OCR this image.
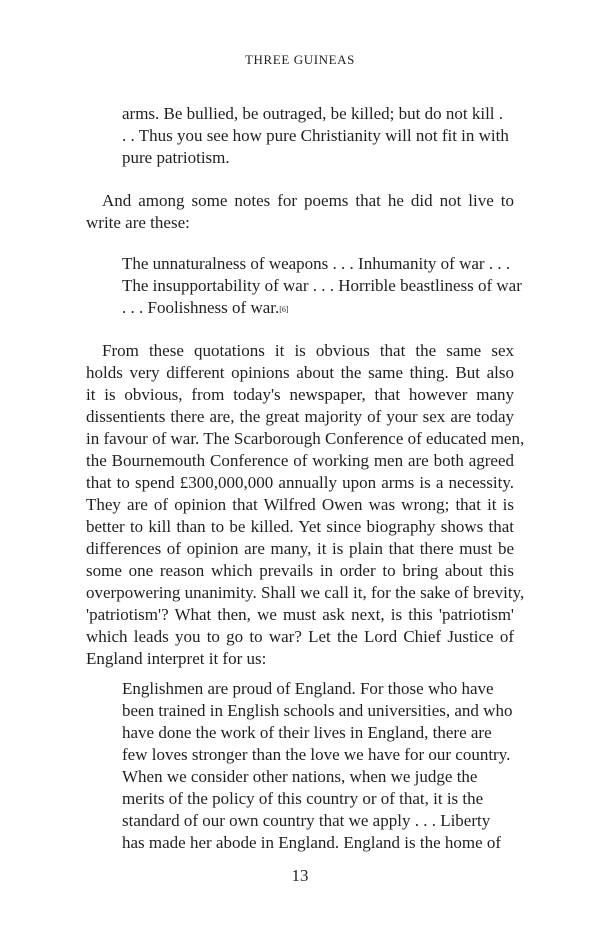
THREE GUINEAS
arms. Be bullied, be outraged, be killed; but do not kill .
. . Thus you see how pure Christianity will not fit in with
pure patriotism.
And among some notes for poems that he did not live to
write are these:
The unnaturalness of weapons . . . Inhumanity of war . . .
The insupportability of war . . . Horrible beastliness of war
. . . Foolishness of war.[6]
From these quotations it is obvious that the same sex
holds very different opinions about the same thing. But also
it is obvious, from today's newspaper, that however many
dissentients there are, the great majority of your sex are today
in favour of war. The Scarborough Conference of educated men,
the Bournemouth Conference of working men are both agreed
that to spend £300,000,000 annually upon arms is a necessity.
They are of opinion that Wilfred Owen was wrong; that it is
better to kill than to be killed. Yet since biography shows that
differences of opinion are many, it is plain that there must be
some one reason which prevails in order to bring about this
overpowering unanimity. Shall we call it, for the sake of brevity,
'patriotism'? What then, we must ask next, is this 'patriotism'
which leads you to go to war? Let the Lord Chief Justice of
England interpret it for us:
Englishmen are proud of England. For those who have
been trained in English schools and universities, and who
have done the work of their lives in England, there are
few loves stronger than the love we have for our country.
When we consider other nations, when we judge the
merits of the policy of this country or of that, it is the
standard of our own country that we apply . . . Liberty
has made her abode in England. England is the home of
13
